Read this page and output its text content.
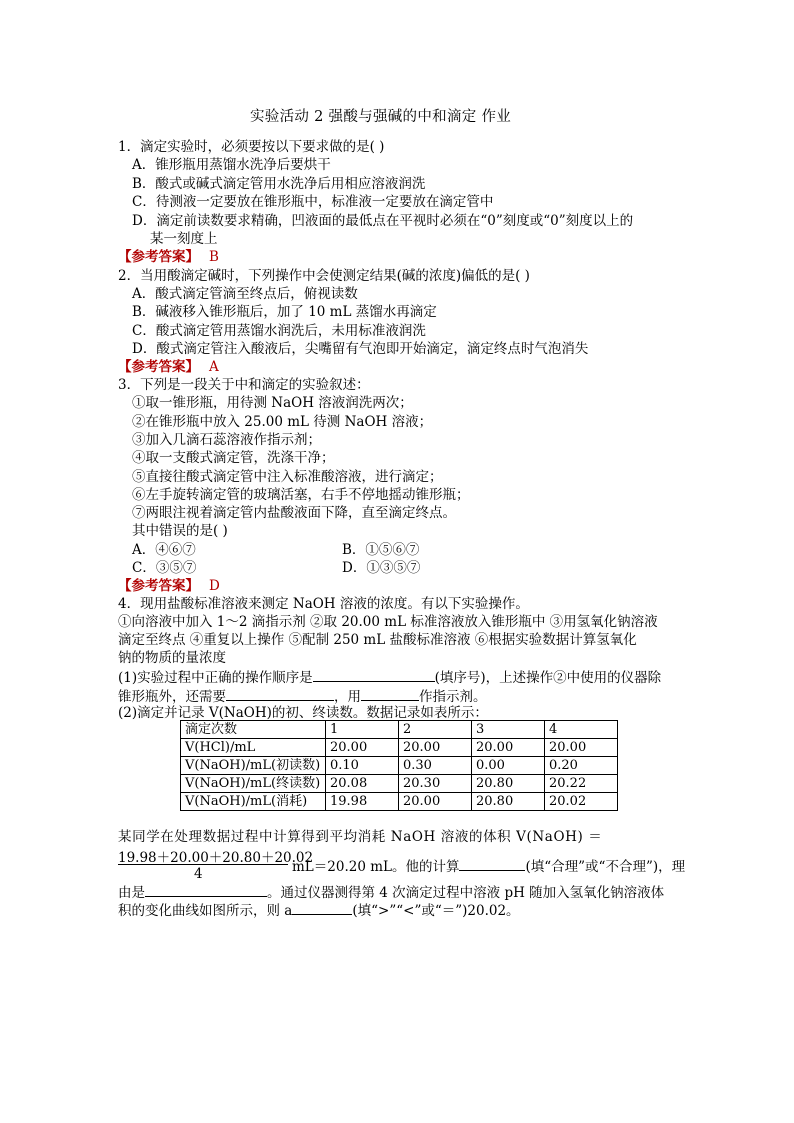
实验活动 2 强酸与强碱的中和滴定 作业
1．滴定实验时，必须要按以下要求做的是( )
A．锥形瓶用蒸馏水洗净后要烘干
B．酸式或碱式滴定管用水洗净后用相应溶液润洗
C．待测液一定要放在锥形瓶中，标准液一定要放在滴定管中
D．滴定前读数要求精确，凹液面的最低点在平视时必须在“0”刻度或“0”刻度以上的
某一刻度上
【参考答案】 B
2．当用酸滴定碱时，下列操作中会使测定结果(碱的浓度)偏低的是( )
A．酸式滴定管滴至终点后，俯视读数
B．碱液移入锥形瓶后，加了 10 mL 蒸馏水再滴定
C．酸式滴定管用蒸馏水润洗后，未用标准液润洗
D．酸式滴定管注入酸液后，尖嘴留有气泡即开始滴定，滴定终点时气泡消失
【参考答案】 A
3．下列是一段关于中和滴定的实验叙述：
①取一锥形瓶，用待测 NaOH 溶液润洗两次；
②在锥形瓶中放入 25.00 mL 待测 NaOH 溶液；
③加入几滴石蕊溶液作指示剂；
④取一支酸式滴定管，洗涤干净；
⑤直接往酸式滴定管中注入标准酸溶液，进行滴定；
⑥左手旋转滴定管的玻璃活塞，右手不停地摇动锥形瓶；
⑦两眼注视着滴定管内盐酸液面下降，直至滴定终点。
其中错误的是( )
A．④⑥⑦	B．①⑤⑥⑦
C．③⑤⑦	D．①③⑤⑦
【参考答案】 D
4．现用盐酸标准溶液来测定 NaOH 溶液的浓度。有以下实验操作。
①向溶液中加入 1～2 滴指示剂 ②取 20.00 mL 标准溶液放入锥形瓶中 ③用氢氧化钠溶液
滴定至终点 ④重复以上操作 ⑤配制 250 mL 盐酸标准溶液 ⑥根据实验数据计算氢氧化
钠的物质的量浓度
(1)实验过程中正确的操作顺序是	(填序号)，上述操作②中使用的仪器除
锥形瓶外，还需要	，用	作指示剂。
(2)滴定并记录 V(NaOH)的初、终读数。数据记录如表所示：
滴定次数	1	2	3	4
V(HCl)/mL	20.00	20.00	20.00	20.00
V(NaOH)/mL(初读数)	0.10	0.30	0.00	0.20
V(NaOH)/mL(终读数)	20.08	20.30	20.80	20.22
V(NaOH)/mL(消耗)	19.98	20.00	20.80	20.02
某同学在处理数据过程中计算得到平均消耗 NaOH 溶液的体积 V(NaOH) ＝
19.98＋20.00＋20.80＋20.02
4	mL＝20.20 mL。他的计算	(填“合理”或“不合理”)，理
由是	。通过仪器测得第 4 次滴定过程中溶液 pH 随加入氢氧化钠溶液体
积的变化曲线如图所示，则 a	(填“>”“<”或“＝”)20.02。
